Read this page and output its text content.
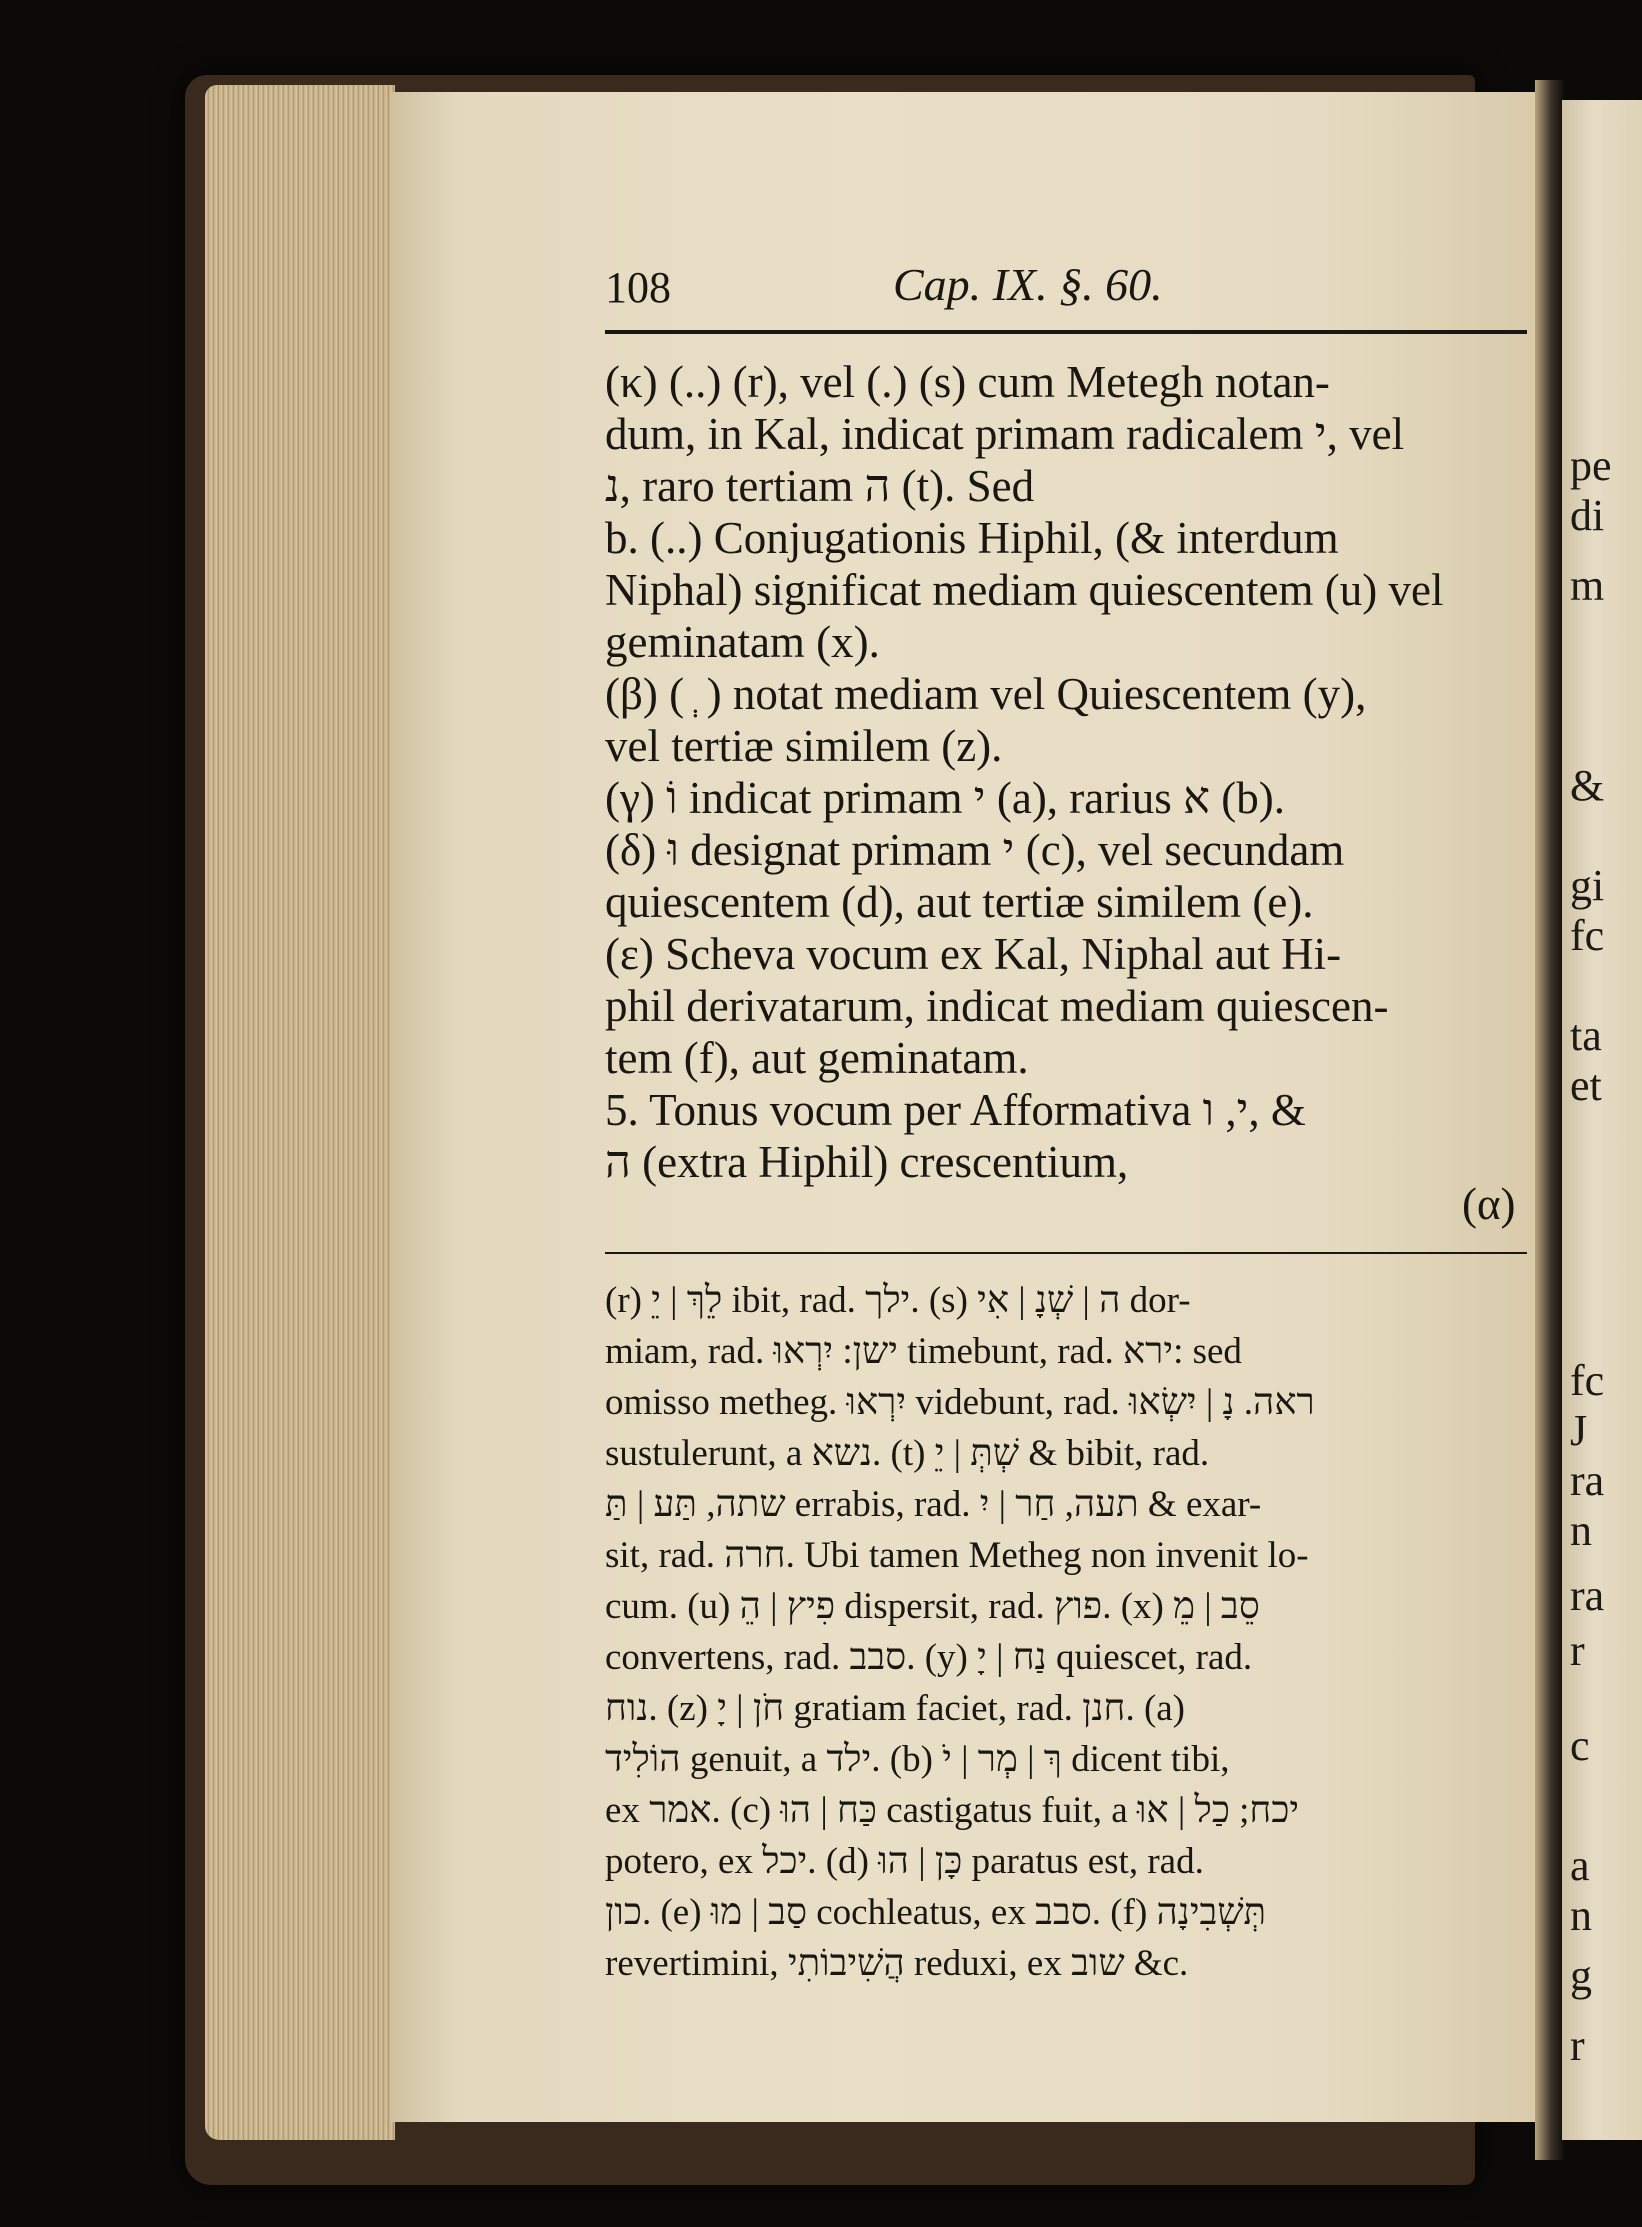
pe
di
m
&
gi
fc
ta
et
fc
J
ra
n
ra
r
c
a
n
g
r
108	Cap. IX. §. 60.
(κ) (..) (r), vel (.) (s) cum Metegh notan-
dum, in Kal, indicat primam radicalem י, vel
נ, raro tertiam ה (t). Sed
b. (..) Conjugationis Hiphil, (& interdum
Niphal) significat mediam quiescentem (u) vel
geminatam (x).
(β) ( ְ ) notat mediam vel Quiescentem (y),
vel tertiæ similem (z).
(γ) וֹ indicat primam י (a), rarius א (b).
(δ) וּ designat primam י (c), vel secundam
quiescentem (d), aut tertiæ similem (e).
(ε) Scheva vocum ex Kal, Niphal aut Hi-
phil derivatarum, indicat mediam quiescen-
tem (f), aut geminatam.
5. Tonus vocum per Afformativa י, ו, &
ה (extra Hiphil) crescentium,
(α)
(r) לֵךְ | יֵ ibit, rad. ילך. (s) ה | שְׁנָ | אִי dor-
miam, rad. ישן: יִרְאוּ timebunt, rad. ירא: sed
omisso metheg. יִרְאוּ videbunt, rad. ראה. נָ | יִשְׂאוּ
sustulerunt, a נשא. (t) שְׁתְּ | יֵ & bibit, rad.
שתה, תַּע | תַּ errabis, rad. תעה, חַר | יִ & exar-
sit, rad. חרה. Ubi tamen Metheg non invenit lo-
cum. (u) פִיץ | הֵ dispersit, rad. פוץ. (x) סֵב | מֵ
convertens, rad. סבב. (y) נַח | יָ quiescet, rad.
נוח. (z) חֹן | יָ gratiam faciet, rad. חנן. (a)
הוֹלִיד genuit, a ילד. (b) ךְ | מְר | יֹ dicent tibi,
ex אמר. (c) כַּח | הוּ castigatus fuit, a יכח; כַל | אוּ
potero, ex יכל. (d) כָּן | הוּ paratus est, rad.
כון. (e) סַב | מוּ cochleatus, ex סבב. (f) תְּשְׁבִינָה
revertimini, הֲשִׁיבוֹתִי reduxi, ex שוב &c.
